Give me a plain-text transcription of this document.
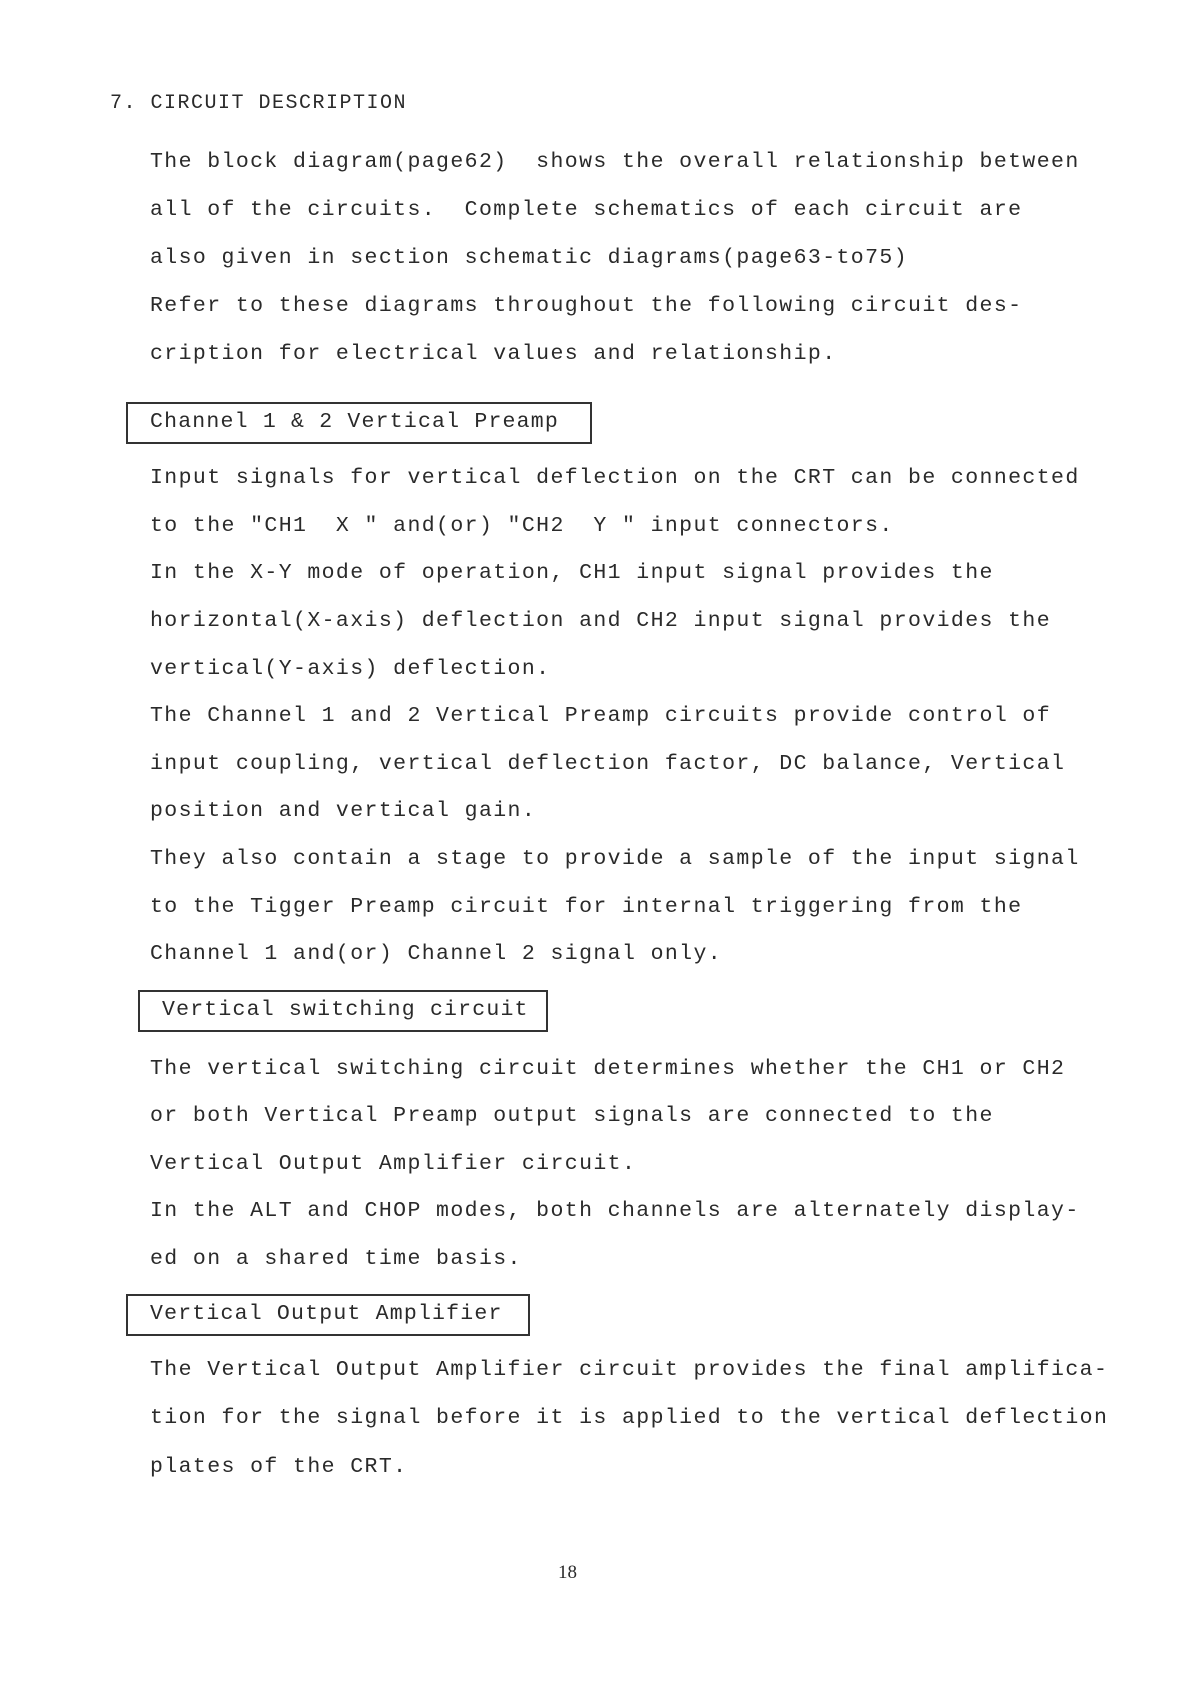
7. CIRCUIT DESCRIPTION

The block diagram(page62)  shows the overall relationship between

all of the circuits.  Complete schematics of each circuit are

also given in section schematic diagrams(page63-to75)

Refer to these diagrams throughout the following circuit des-

cription for electrical values and relationship.

Channel 1 & 2 Vertical Preamp

Input signals for vertical deflection on the CRT can be connected

to the "CH1  X " and(or) "CH2  Y " input connectors.

In the X-Y mode of operation, CH1 input signal provides the

horizontal(X-axis) deflection and CH2 input signal provides the

vertical(Y-axis) deflection.

The Channel 1 and 2 Vertical Preamp circuits provide control of

input coupling, vertical deflection factor, DC balance, Vertical

position and vertical gain.

They also contain a stage to provide a sample of the input signal

to the Tigger Preamp circuit for internal triggering from the

Channel 1 and(or) Channel 2 signal only.

Vertical switching circuit

The vertical switching circuit determines whether the CH1 or CH2

or both Vertical Preamp output signals are connected to the

Vertical Output Amplifier circuit.

In the ALT and CHOP modes, both channels are alternately display-

ed on a shared time basis.

Vertical Output Amplifier

The Vertical Output Amplifier circuit provides the final amplifica-

tion for the signal before it is applied to the vertical deflection

plates of the CRT.

18
